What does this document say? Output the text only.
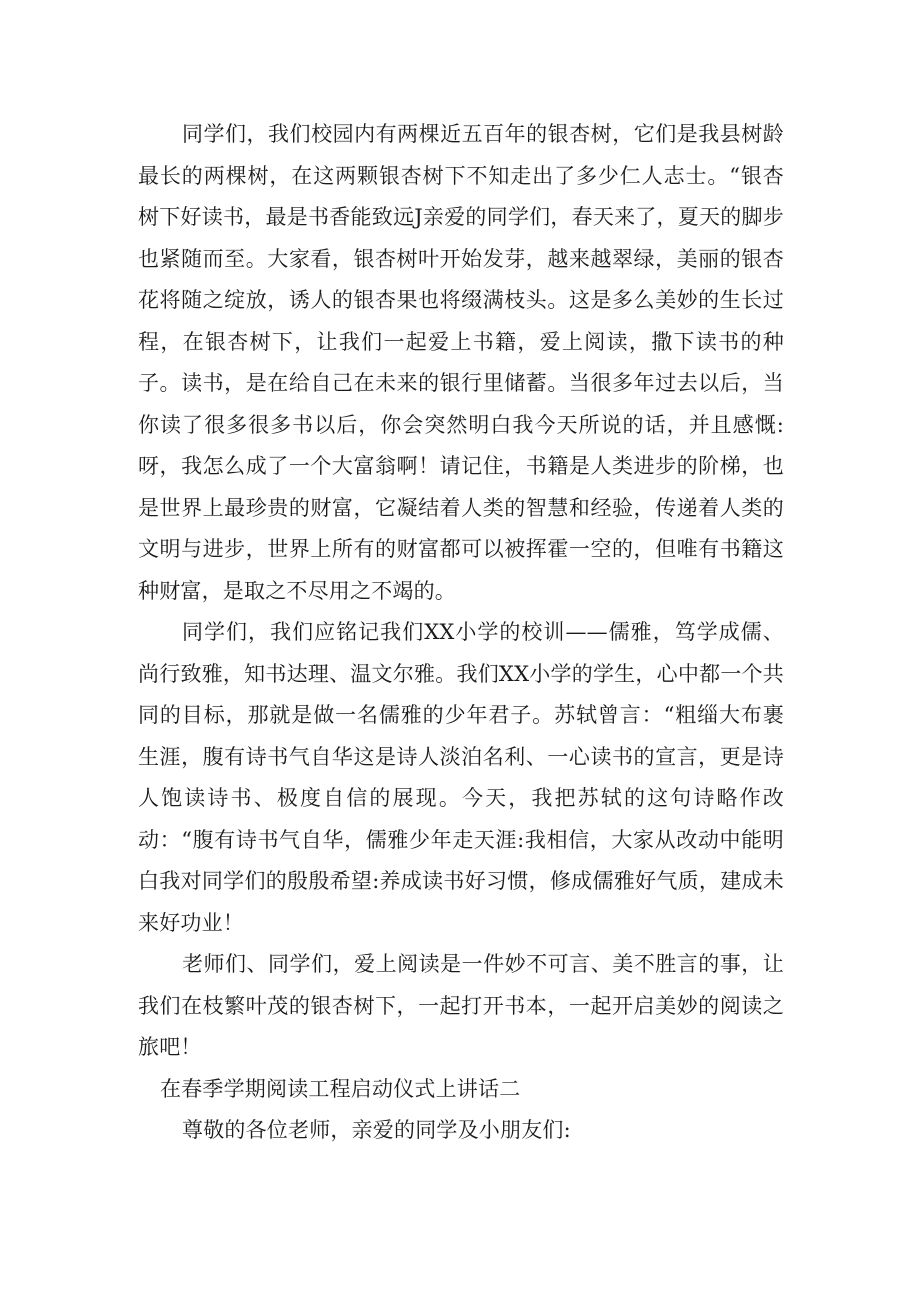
同学们，我们校园内有两棵近五百年的银杏树，它们是我县树龄最长的两棵树，在这两颗银杏树下不知走出了多少仁人志士。“银杏树下好读书，最是书香能致远J亲爱的同学们，春天来了，夏天的脚步也紧随而至。大家看，银杏树叶开始发芽，越来越翠绿，美丽的银杏花将随之绽放，诱人的银杏果也将缀满枝头。这是多么美妙的生长过程，在银杏树下，让我们一起爱上书籍，爱上阅读，撒下读书的种子。读书，是在给自己在未来的银行里储蓄。当很多年过去以后，当你读了很多很多书以后，你会突然明白我今天所说的话，并且感慨:呀，我怎么成了一个大富翁啊！请记住，书籍是人类进步的阶梯，也是世界上最珍贵的财富，它凝结着人类的智慧和经验，传递着人类的文明与进步，世界上所有的财富都可以被挥霍一空的，但唯有书籍这种财富，是取之不尽用之不竭的。

同学们，我们应铭记我们XX小学的校训——儒雅，笃学成儒、尚行致雅，知书达理、温文尔雅。我们XX小学的学生，心中都一个共同的目标，那就是做一名儒雅的少年君子。苏轼曾言：“粗缁大布裹生涯，腹有诗书气自华这是诗人淡泊名利、一心读书的宣言，更是诗人饱读诗书、极度自信的展现。今天，我把苏轼的这句诗略作改动：“腹有诗书气自华，儒雅少年走天涯:我相信，大家从改动中能明白我对同学们的殷殷希望:养成读书好习惯，修成儒雅好气质，建成未来好功业！

老师们、同学们，爱上阅读是一件妙不可言、美不胜言的事，让我们在枝繁叶茂的银杏树下，一起打开书本，一起开启美妙的阅读之旅吧！

在春季学期阅读工程启动仪式上讲话二

尊敬的各位老师，亲爱的同学及小朋友们:
